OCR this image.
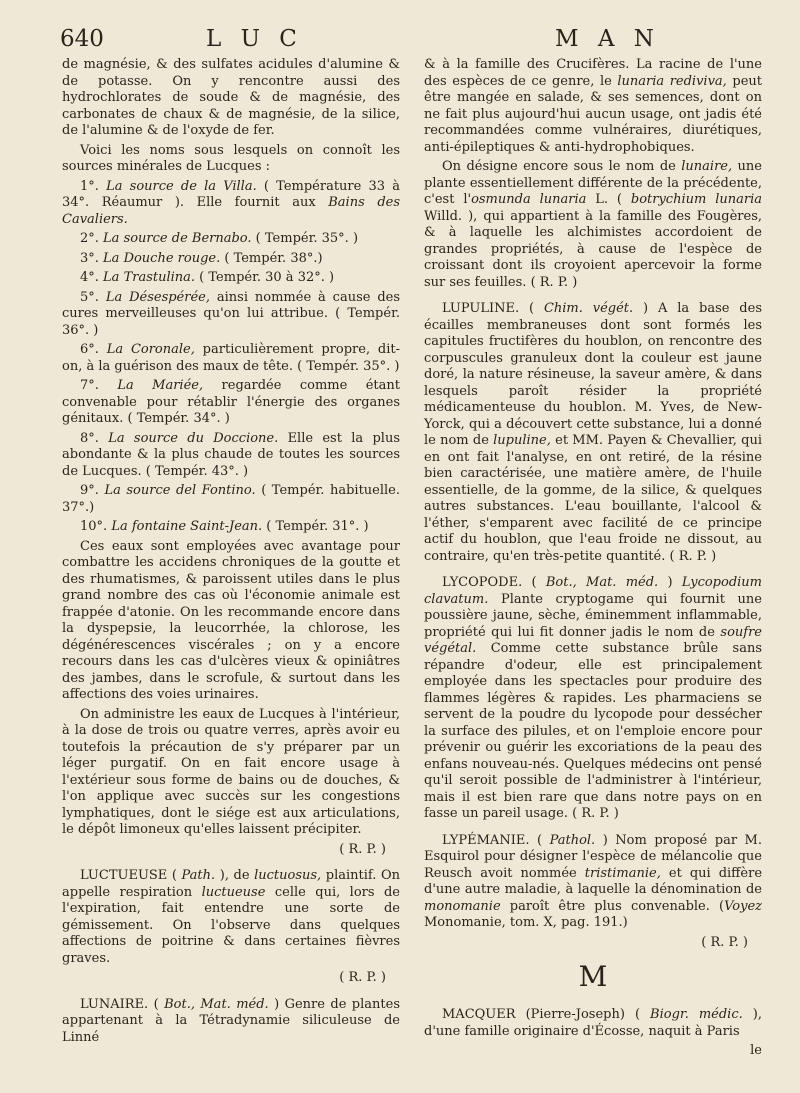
640	L U C	M A N

de magnésie, & des sulfates acidules d'alumine & de potasse. On y rencontre aussi des hydrochlorates de soude & de magnésie, des carbonates de chaux & de magnésie, de la silice, de l'alumine & de l'oxyde de fer.

Voici les noms sous lesquels on connoît les sources minérales de Lucques :

1°. La source de la Villa. ( Température 33 à 34°. Réaumur ). Elle fournit aux Bains des Cavaliers.

2°. La source de Bernabo. ( Tempér. 35°. )

3°. La Douche rouge. ( Tempér. 38°.)

4°. La Trastulina. ( Tempér. 30 à 32°. )

5°. La Désespérée, ainsi nommée à cause des cures merveilleuses qu'on lui attribue. ( Tempér. 36°. )

6°. La Coronale, particulièrement propre, dit-on, à la guérison des maux de tête. ( Tempér. 35°. )

7°. La Mariée, regardée comme étant convenable pour rétablir l'énergie des organes génitaux. ( Tempér. 34°. )

8°. La source du Doccione. Elle est la plus abondante & la plus chaude de toutes les sources de Lucques. ( Tempér. 43°. )

9°. La source del Fontino. ( Tempér. habituelle. 37°.)

10°. La fontaine Saint-Jean. ( Tempér. 31°. )

Ces eaux sont employées avec avantage pour combattre les accidens chroniques de la goutte et des rhumatismes, & paroissent utiles dans le plus grand nombre des cas où l'économie animale est frappée d'atonie. On les recommande encore dans la dyspepsie, la leucorrhée, la chlorose, les dégénérescences viscérales ; on y a encore recours dans les cas d'ulcères vieux & opiniâtres des jambes, dans le scrofule, & surtout dans les affections des voies urinaires.

On administre les eaux de Lucques à l'intérieur, à la dose de trois ou quatre verres, après avoir eu toutefois la précaution de s'y préparer par un léger purgatif. On en fait encore usage à l'extérieur sous forme de bains ou de douches, & l'on applique avec succès sur les congestions lymphatiques, dont le siége est aux articulations, le dépôt limoneux qu'elles laissent précipiter.

( R. P. )

LUCTUEUSE ( Path. ), de luctuosus, plaintif. On appelle respiration luctueuse celle qui, lors de l'expiration, fait entendre une sorte de gémissement. On l'observe dans quelques affections de poitrine & dans certaines fièvres graves.

( R. P. )

LUNAIRE. ( Bot., Mat. méd. ) Genre de plantes appartenant à la Tétradynamie siliculeuse de Linné

& à la famille des Crucifères. La racine de l'une des espèces de ce genre, le lunaria rediviva, peut être mangée en salade, & ses semences, dont on ne fait plus aujourd'hui aucun usage, ont jadis été recommandées comme vulnéraires, diurétiques, anti-épileptiques & anti-hydrophobiques.

On désigne encore sous le nom de lunaire, une plante essentiellement différente de la précédente, c'est l'osmunda lunaria L. ( botrychium lunaria Willd. ), qui appartient à la famille des Fougères, & à laquelle les alchimistes accordoient de grandes propriétés, à cause de l'espèce de croissant dont ils croyoient apercevoir la forme sur ses feuilles. ( R. P. )

LUPULINE. ( Chim. végét. ) A la base des écailles membraneuses dont sont formés les capitules fructifères du houblon, on rencontre des corpuscules granuleux dont la couleur est jaune doré, la nature résineuse, la saveur amère, & dans lesquels paroît résider la propriété médicamenteuse du houblon. M. Yves, de New-Yorck, qui a découvert cette substance, lui a donné le nom de lupuline, et MM. Payen & Chevallier, qui en ont fait l'analyse, en ont retiré, de la résine bien caractérisée, une matière amère, de l'huile essentielle, de la gomme, de la silice, & quelques autres substances. L'eau bouillante, l'alcool & l'éther, s'emparent avec facilité de ce principe actif du houblon, que l'eau froide ne dissout, au contraire, qu'en très-petite quantité. ( R. P. )

LYCOPODE. ( Bot., Mat. méd. ) Lycopodium clavatum. Plante cryptogame qui fournit une poussière jaune, sèche, éminemment inflammable, propriété qui lui fit donner jadis le nom de soufre végétal. Comme cette substance brûle sans répandre d'odeur, elle est principalement employée dans les spectacles pour produire des flammes légères & rapides. Les pharmaciens se servent de la poudre du lycopode pour dessécher la surface des pilules, et on l'emploie encore pour prévenir ou guérir les excoriations de la peau des enfans nouveau-nés. Quelques médecins ont pensé qu'il seroit possible de l'administrer à l'intérieur, mais il est bien rare que dans notre pays on en fasse un pareil usage. ( R. P. )

LYPÉMANIE. ( Pathol. ) Nom proposé par M. Esquirol pour désigner l'espèce de mélancolie que Reusch avoit nommée tristimanie, et qui diffère d'une autre maladie, à laquelle la dénomination de monomanie paroît être plus convenable. (Voyez Monomanie, tom. X, pag. 191.)

( R. P. )

M

MACQUER (Pierre-Joseph) ( Biogr. médic. ), d'une famille originaire d'Écosse, naquit à Paris

le
